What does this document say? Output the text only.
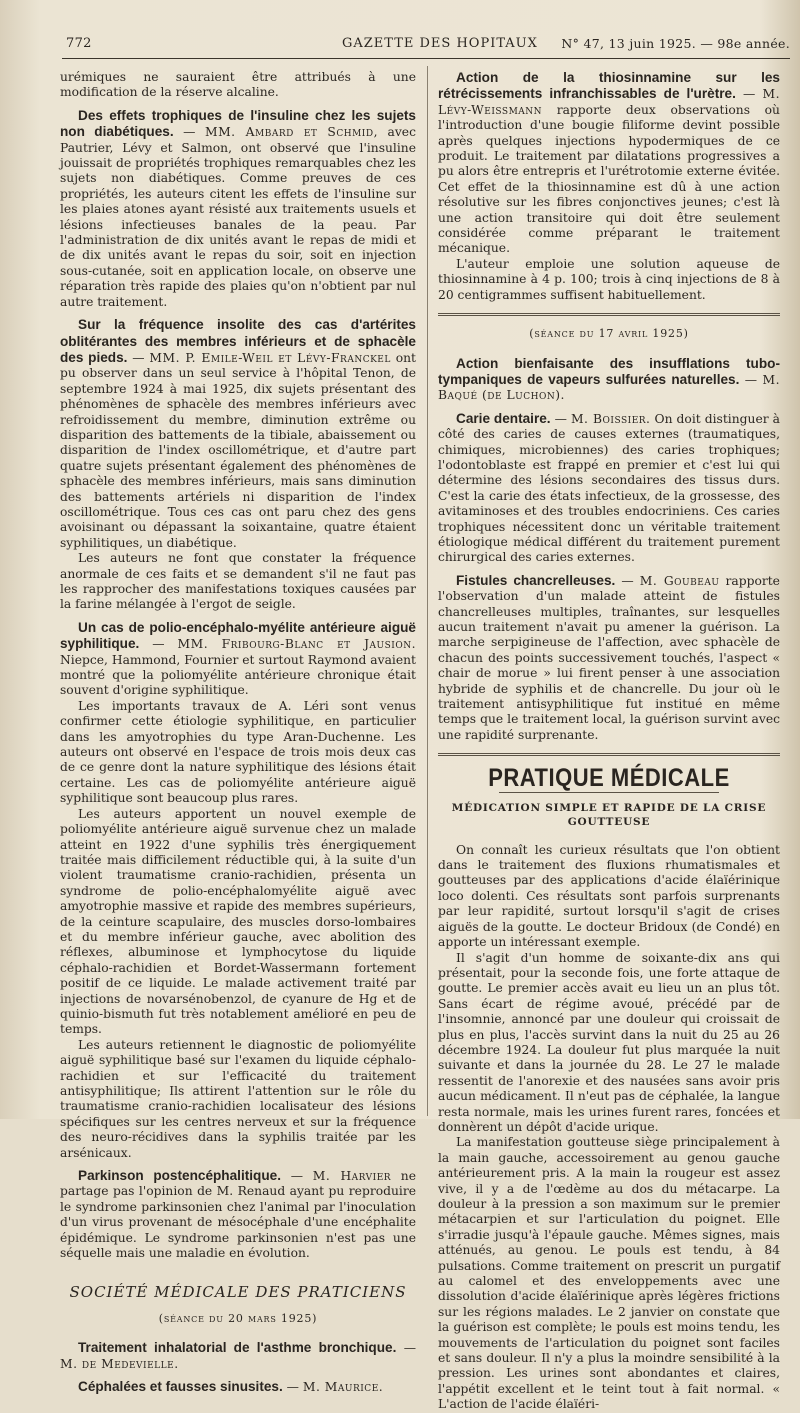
772	GAZETTE DES HOPITAUX N° 47, 13 juin 1925. — 98e année.

urémiques ne sauraient être attribués à une modification de la réserve alcaline.

Des effets trophiques de l'insuline chez les sujets non diabétiques. — MM. Ambard et Schmid, avec Pautrier, Lévy et Salmon, ont observé que l'insuline jouissait de propriétés trophiques remarquables chez les sujets non diabétiques. Comme preuves de ces propriétés, les auteurs citent les effets de l'insuline sur les plaies atones ayant résisté aux traitements usuels et lésions infectieuses banales de la peau. Par l'administration de dix unités avant le repas de midi et de dix unités avant le repas du soir, soit en injection sous-cutanée, soit en application locale, on observe une réparation très rapide des plaies qu'on n'obtient par nul autre traitement.

Sur la fréquence insolite des cas d'artérites oblitérantes des membres inférieurs et de sphacèle des pieds. — MM. P. Emile-Weil et Lévy-Franckel ont pu observer dans un seul service à l'hôpital Tenon, de septembre 1924 à mai 1925, dix sujets présentant des phénomènes de sphacèle des membres inférieurs avec refroidissement du membre, diminution extrême ou disparition des battements de la tibiale, abaissement ou disparition de l'index oscillométrique, et d'autre part quatre sujets présentant également des phénomènes de sphacèle des membres inférieurs, mais sans diminution des battements artériels ni disparition de l'index oscillométrique. Tous ces cas ont paru chez des gens avoisinant ou dépassant la soixantaine, quatre étaient syphilitiques, un diabétique.

Les auteurs ne font que constater la fréquence anormale de ces faits et se demandent s'il ne faut pas les rapprocher des manifestations toxiques causées par la farine mélangée à l'ergot de seigle.

Un cas de polio-encéphalo-myélite antérieure aiguë syphilitique. — MM. Fribourg-Blanc et Jausion. Niepce, Hammond, Fournier et surtout Raymond avaient montré que la poliomyélite antérieure chronique était souvent d'origine syphilitique.

Les importants travaux de A. Léri sont venus confirmer cette étiologie syphilitique, en particulier dans les amyotrophies du type Aran-Duchenne. Les auteurs ont observé en l'espace de trois mois deux cas de ce genre dont la nature syphilitique des lésions était certaine. Les cas de poliomyélite antérieure aiguë syphilitique sont beaucoup plus rares.

Les auteurs apportent un nouvel exemple de poliomyélite antérieure aiguë survenue chez un malade atteint en 1922 d'une syphilis très énergiquement traitée mais difficilement réductible qui, à la suite d'un violent traumatisme cranio-rachidien, présenta un syndrome de polio-encéphalomyélite aiguë avec amyotrophie massive et rapide des membres supérieurs, de la ceinture scapulaire, des muscles dorso-lombaires et du membre inférieur gauche, avec abolition des réflexes, albuminose et lymphocytose du liquide céphalo-rachidien et Bordet-Wassermann fortement positif de ce liquide. Le malade activement traité par injections de novarsénobenzol, de cyanure de Hg et de quinio-bismuth fut très notablement amélioré en peu de temps.

Les auteurs retiennent le diagnostic de poliomyélite aiguë syphilitique basé sur l'examen du liquide céphalo-rachidien et sur l'efficacité du traitement antisyphilitique; Ils attirent l'attention sur le rôle du traumatisme cranio-rachidien localisateur des lésions spécifiques sur les centres nerveux et sur la fréquence des neuro-récidives dans la syphilis traitée par les arsénicaux.

Parkinson postencéphalitique. — M. Harvier ne partage pas l'opinion de M. Renaud ayant pu reproduire le syndrome parkinsonien chez l'animal par l'inoculation d'un virus provenant de mésocéphale d'une encéphalite épidémique. Le syndrome parkinsonien n'est pas une séquelle mais une maladie en évolution.

SOCIÉTÉ MÉDICALE DES PRATICIENS

(séance du 20 mars 1925)

Traitement inhalatorial de l'asthme bronchique. — M. de Medevielle.

Céphalées et fausses sinusites. — M. Maurice.

Action de la thiosinnamine sur les rétrécissements infranchissables de l'urètre. — M. Lévy-Weissmann rapporte deux observations où l'introduction d'une bougie filiforme devint possible après quelques injections hypodermiques de ce produit. Le traitement par dilatations progressives a pu alors être entrepris et l'urétrotomie externe évitée. Cet effet de la thiosinnamine est dû à une action résolutive sur les fibres conjonctives jeunes; c'est là une action transitoire qui doit être seulement considérée comme préparant le traitement mécanique.

L'auteur emploie une solution aqueuse de thiosinnamine à 4 p. 100; trois à cinq injections de 8 à 20 centigrammes suffisent habituellement.

(séance du 17 avril 1925)

Action bienfaisante des insufflations tubo-tympaniques de vapeurs sulfurées naturelles. — M. Baqué (de Luchon).

Carie dentaire. — M. Boissier. On doit distinguer à côté des caries de causes externes (traumatiques, chimiques, microbiennes) des caries trophiques; l'odontoblaste est frappé en premier et c'est lui qui détermine des lésions secondaires des tissus durs. C'est la carie des états infectieux, de la grossesse, des avitaminoses et des troubles endocriniens. Ces caries trophiques nécessitent donc un véritable traitement étiologique médical différent du traitement purement chirurgical des caries externes.

Fistules chancrelleuses. — M. Goubeau rapporte l'observation d'un malade atteint de fistules chancrelleuses multiples, traînantes, sur lesquelles aucun traitement n'avait pu amener la guérison. La marche serpigineuse de l'affection, avec sphacèle de chacun des points successivement touchés, l'aspect « chair de morue » lui firent penser à une association hybride de syphilis et de chancrelle. Du jour où le traitement antisyphilitique fut institué en même temps que le traitement local, la guérison survint avec une rapidité surprenante.

PRATIQUE MÉDICALE

MÉDICATION SIMPLE ET RAPIDE DE LA CRISE GOUTTEUSE

On connaît les curieux résultats que l'on obtient dans le traitement des fluxions rhumatismales et goutteuses par des applications d'acide élaïérinique loco dolenti. Ces résultats sont parfois surprenants par leur rapidité, surtout lorsqu'il s'agit de crises aiguës de la goutte. Le docteur Bridoux (de Condé) en apporte un intéressant exemple.

Il s'agit d'un homme de soixante-dix ans qui présentait, pour la seconde fois, une forte attaque de goutte. Le premier accès avait eu lieu un an plus tôt. Sans écart de régime avoué, précédé par de l'insomnie, annoncé par une douleur qui croissait de plus en plus, l'accès survint dans la nuit du 25 au 26 décembre 1924. La douleur fut plus marquée la nuit suivante et dans la journée du 28. Le 27 le malade ressentit de l'anorexie et des nausées sans avoir pris aucun médicament. Il n'eut pas de céphalée, la langue resta normale, mais les urines furent rares, foncées et donnèrent un dépôt d'acide urique.

La manifestation goutteuse siège principalement à la main gauche, accessoirement au genou gauche antérieurement pris. A la main la rougeur est assez vive, il y a de l'œdème au dos du métacarpe. La douleur à la pression a son maximum sur le premier métacarpien et sur l'articulation du poignet. Elle s'irradie jusqu'à l'épaule gauche. Mêmes signes, mais atténués, au genou. Le pouls est tendu, à 84 pulsations. Comme traitement on prescrit un purgatif au calomel et des enveloppements avec une dissolution d'acide élaïérinique après légères frictions sur les régions malades. Le 2 janvier on constate que la guérison est complète; le pouls est moins tendu, les mouvements de l'articulation du poignet sont faciles et sans douleur. Il n'y a plus la moindre sensibilité à la pression. Les urines sont abondantes et claires, l'appétit excellent et le teint tout à fait normal. « L'action de l'acide élaïéri-
